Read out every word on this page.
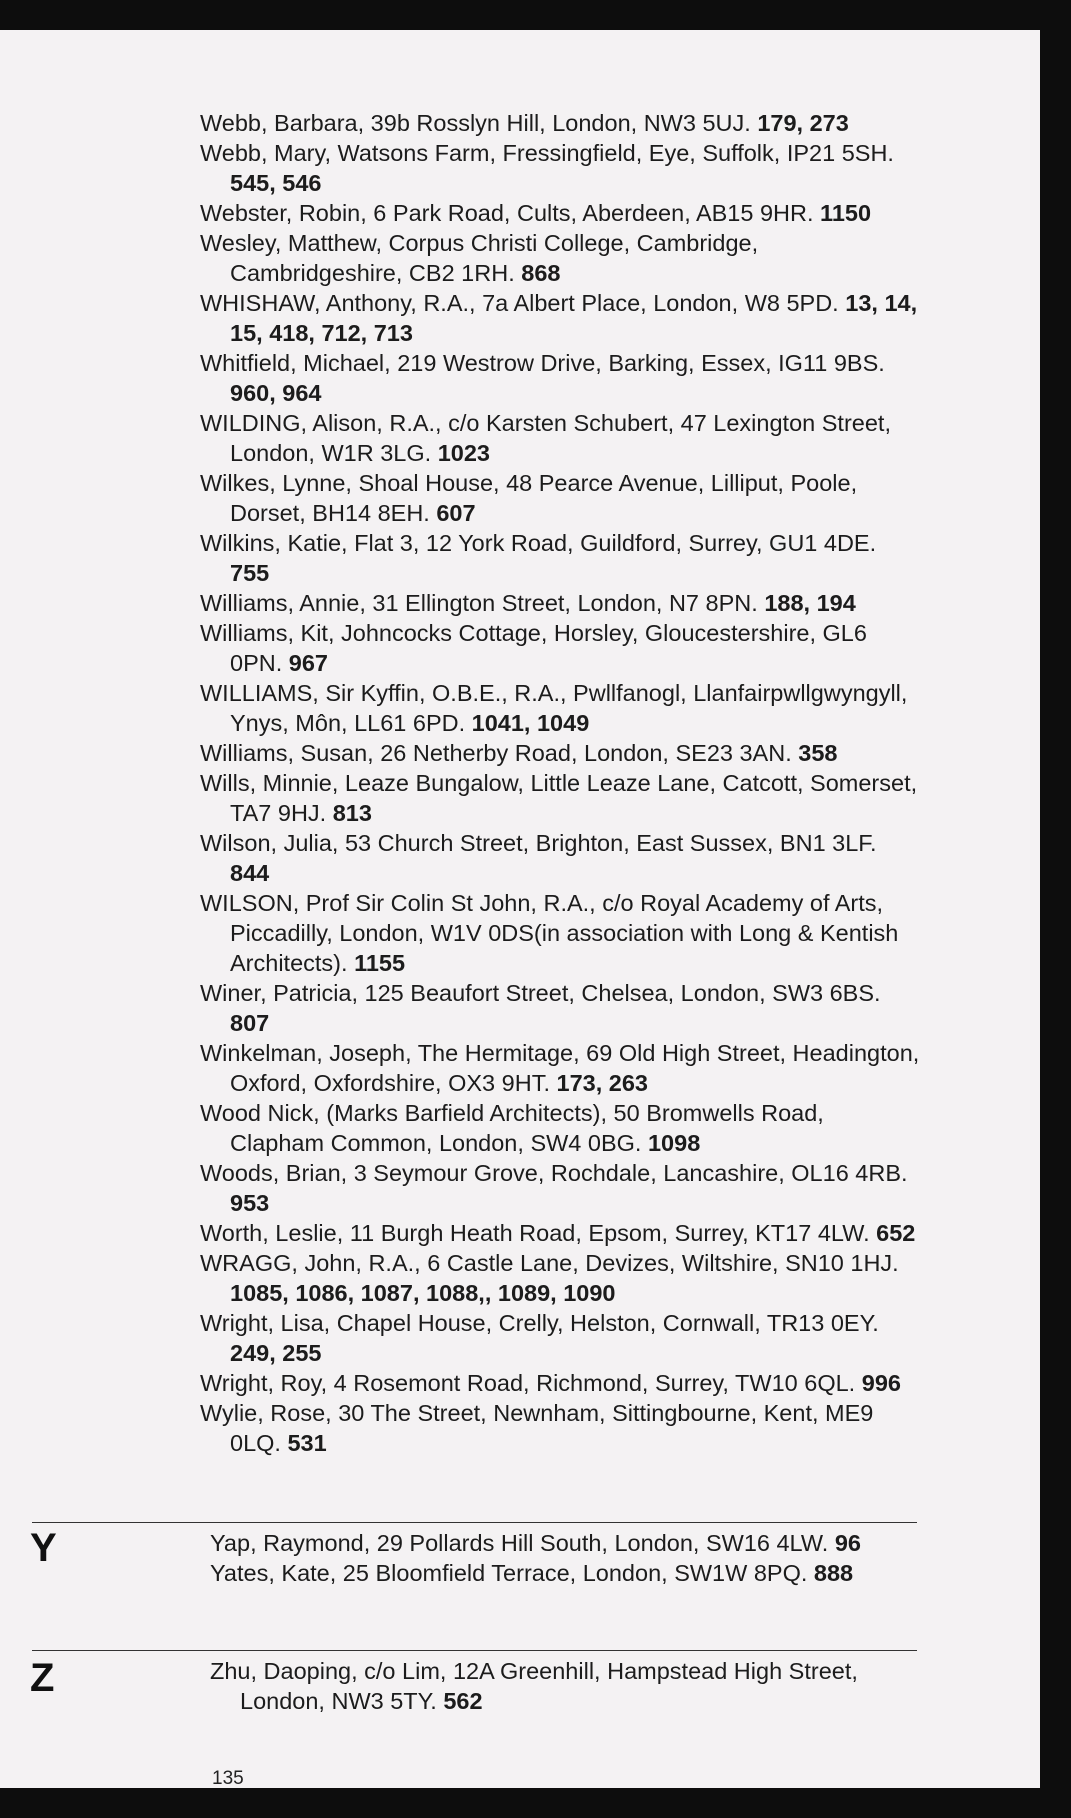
Webb, Barbara, 39b Rosslyn Hill, London, NW3 5UJ. 179, 273

Webb, Mary, Watsons Farm, Fressingfield, Eye, Suffolk, IP21 5SH. 545, 546

Webster, Robin, 6 Park Road, Cults, Aberdeen, AB15 9HR. 1150

Wesley, Matthew, Corpus Christi College, Cambridge, Cambridgeshire, CB2 1RH. 868

WHISHAW, Anthony, R.A., 7a Albert Place, London, W8 5PD. 13, 14, 15, 418, 712, 713

Whitfield, Michael, 219 Westrow Drive, Barking, Essex, IG11 9BS. 960, 964

WILDING, Alison, R.A., c/o Karsten Schubert, 47 Lexington Street, London, W1R 3LG. 1023

Wilkes, Lynne, Shoal House, 48 Pearce Avenue, Lilliput, Poole, Dorset, BH14 8EH. 607

Wilkins, Katie, Flat 3, 12 York Road, Guildford, Surrey, GU1 4DE. 755

Williams, Annie, 31 Ellington Street, London, N7 8PN. 188, 194

Williams, Kit, Johncocks Cottage, Horsley, Gloucestershire, GL6 0PN. 967

WILLIAMS, Sir Kyffin, O.B.E., R.A., Pwllfanogl, Llanfairpwllgwyngyll, Ynys, Môn, LL61 6PD. 1041, 1049

Williams, Susan, 26 Netherby Road, London, SE23 3AN. 358

Wills, Minnie, Leaze Bungalow, Little Leaze Lane, Catcott, Somerset, TA7 9HJ. 813

Wilson, Julia, 53 Church Street, Brighton, East Sussex, BN1 3LF. 844

WILSON, Prof Sir Colin St John, R.A., c/o Royal Academy of Arts, Piccadilly, London, W1V 0DS(in association with Long & Kentish Architects). 1155

Winer, Patricia, 125 Beaufort Street, Chelsea, London, SW3 6BS. 807

Winkelman, Joseph, The Hermitage, 69 Old High Street, Headington, Oxford, Oxfordshire, OX3 9HT. 173, 263

Wood Nick, (Marks Barfield Architects), 50 Bromwells Road, Clapham Common, London, SW4 0BG. 1098

Woods, Brian, 3 Seymour Grove, Rochdale, Lancashire, OL16 4RB. 953

Worth, Leslie, 11 Burgh Heath Road, Epsom, Surrey, KT17 4LW. 652

WRAGG, John, R.A., 6 Castle Lane, Devizes, Wiltshire, SN10 1HJ. 1085, 1086, 1087, 1088,, 1089, 1090

Wright, Lisa, Chapel House, Crelly, Helston, Cornwall, TR13 0EY. 249, 255

Wright, Roy, 4 Rosemont Road, Richmond, Surrey, TW10 6QL. 996

Wylie, Rose, 30 The Street, Newnham, Sittingbourne, Kent, ME9 0LQ. 531

Y	Yap, Raymond, 29 Pollards Hill South, London, SW16 4LW. 96

Yates, Kate, 25 Bloomfield Terrace, London, SW1W 8PQ. 888

Z	Zhu, Daoping, c/o Lim, 12A Greenhill, Hampstead High Street, London, NW3 5TY. 562

135
